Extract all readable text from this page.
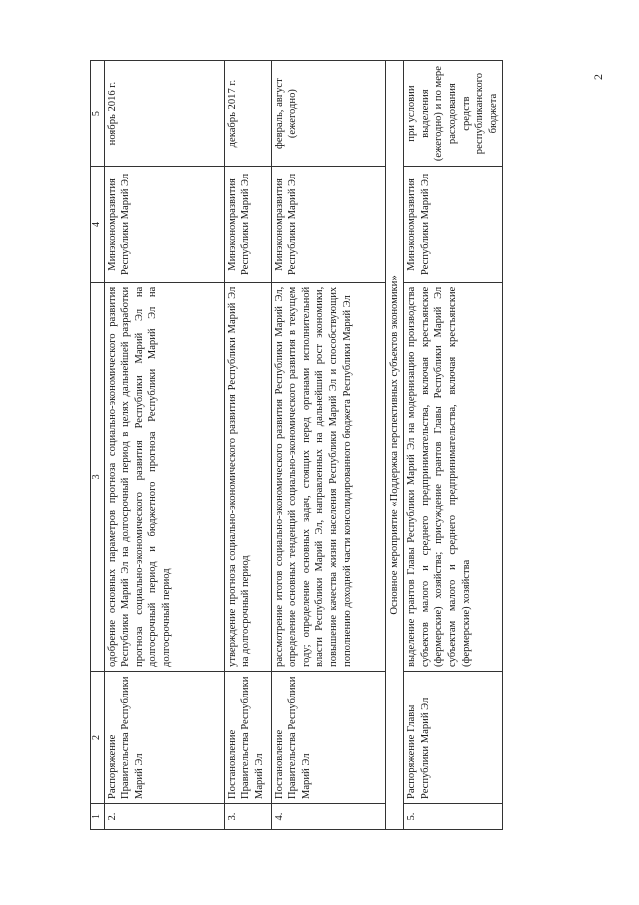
2
1	2	3	4	5
2.	Распоряжение Правительства Республики Марий Эл	одобрение основных параметров прогноза социально-экономического развития Республики Марий Эл на долгосрочный период в целях дальнейшей разработки прогноза социально-экономического развития Республики Марий Эл на долгосрочный период и бюджетного прогноза Республики Марий Эл на долгосрочный период	Минэкономразвития Республики Марий Эл	ноябрь 2016 г.
3.	Постановление Правительства Республики Марий Эл	утверждение прогноза социально-экономического развития Республики Марий Эл на долгосрочный период	Минэкономразвития Республики Марий Эл	декабрь 2017 г.
4.	Постановление Правительства Республики Марий Эл	рассмотрение итогов социально-экономического развития Республики Марий Эл, определение основных тенденций социально-экономического развития в текущем году; определение основных задач, стоящих перед органами исполнительной власти Республики Марий Эл, направленных на дальнейший рост экономики, повышение качества жизни населения Республики Марий Эл и способствующих пополнению доходной части консолидированного бюджета Республики Марий Эл	Минэкономразвития Республики Марий Эл	февраль, август (ежегодно)
Основное мероприятие «Поддержка перспективных субъектов экономики»				
5.	Распоряжение Главы Республики Марий Эл	выделение грантов Главы Республики Марий Эл на модернизацию производства субъектов малого и среднего предпринимательства, включая крестьянские (фермерские) хозяйства; присуждение грантов Главы Республики Марий Эл субъектам малого и среднего предпринимательства, включая крестьянские (фермерские) хозяйства	Минэкономразвития Республики Марий Эл	при условии выделения (ежегодно) и по мере расходования средств республиканского бюджета
